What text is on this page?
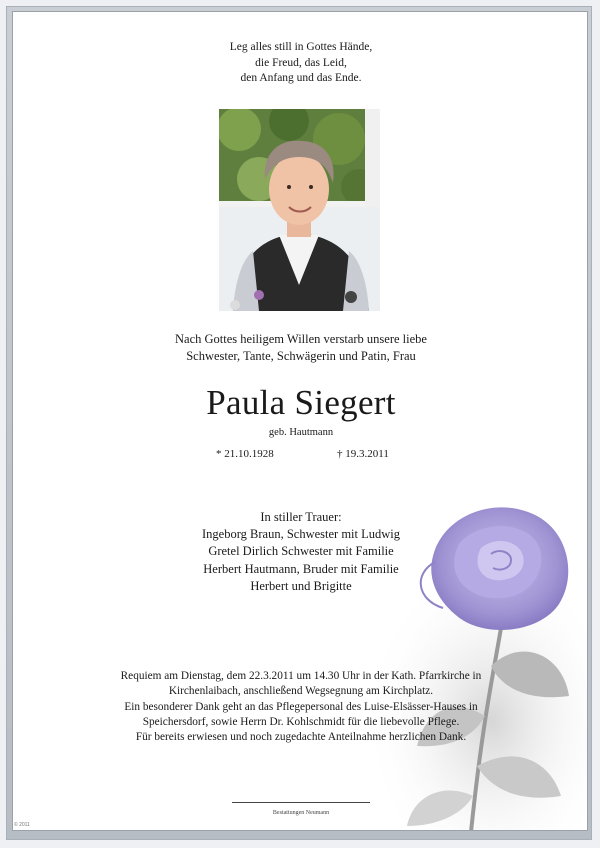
Leg alles still in Gottes Hände,
die Freud, das Leid,
den Anfang und das Ende.
Nach Gottes heiligem Willen verstarb unsere liebe
Schwester, Tante, Schwägerin und Patin, Frau
Paula Siegert
geb. Hautmann
* 21.10.1928	† 19.3.2011
In stiller Trauer:
Ingeborg Braun, Schwester mit Ludwig
Gretel Dirlich Schwester mit Familie
Herbert Hautmann, Bruder mit Familie
Herbert und Brigitte
Requiem am Dienstag, dem 22.3.2011 um 14.30 Uhr in der Kath. Pfarrkirche in
Kirchenlaibach, anschließend Wegsegnung am Kirchplatz.
Ein besonderer Dank geht an das Pflegepersonal des Luise-Elsässer-Hauses in
Speichersdorf, sowie Herrn Dr. Kohlschmidt für die liebevolle Pflege.
Für bereits erwiesen und noch zugedachte Anteilnahme herzlichen Dank.
Bestattungen Neumann
© 2011
